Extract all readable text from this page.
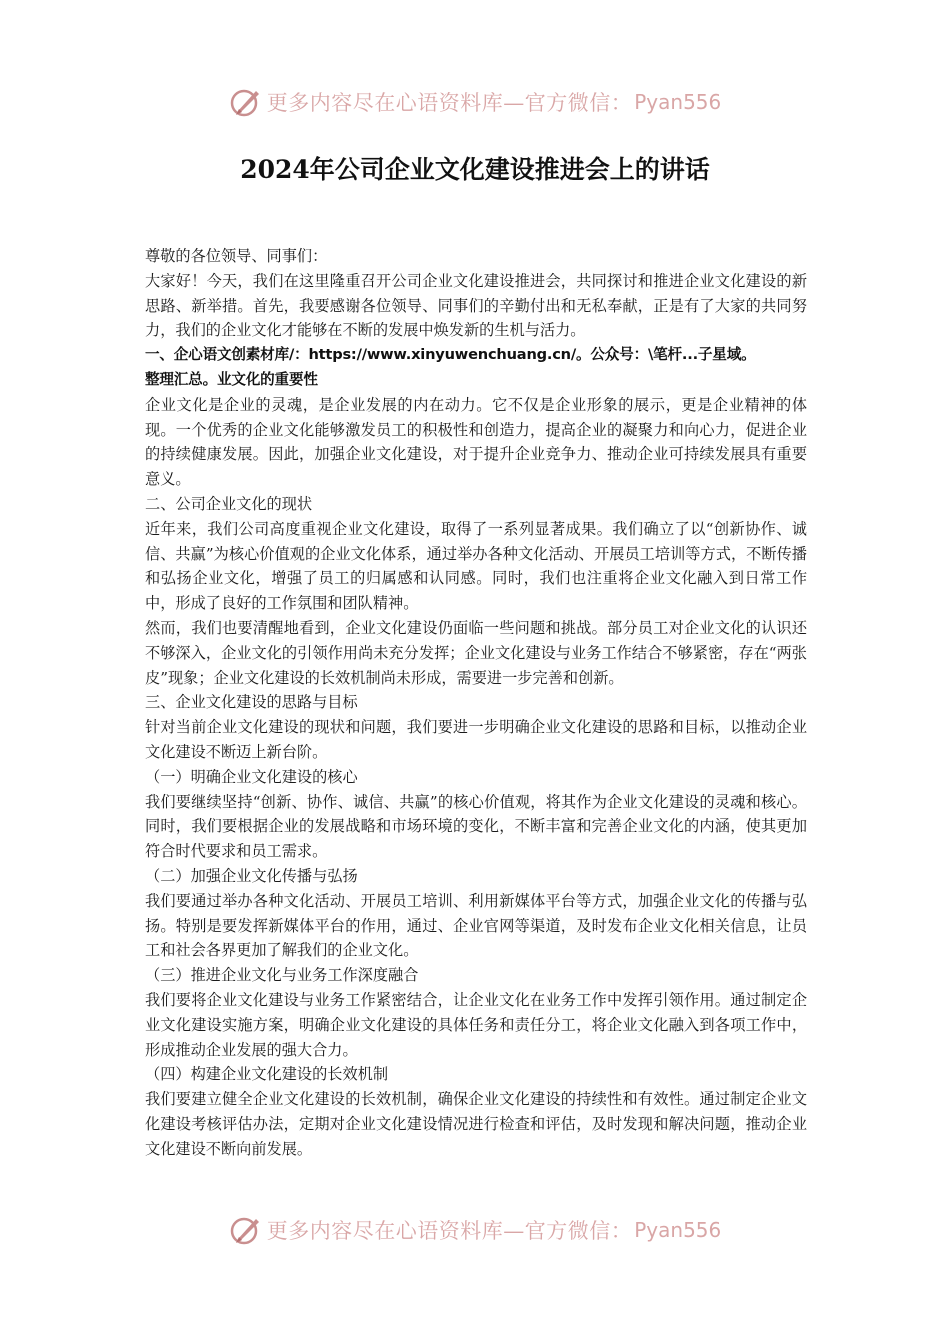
更多内容尽在心语资料库—官方微信： Pyan556
2024年公司企业文化建设推进会上的讲话

尊敬的各位领导、同事们：

大家好！今天，我们在这里隆重召开公司企业文化建设推进会，共同探讨和推进企业文化建设的新思路、新举措。首先，我要感谢各位领导、同事们的辛勤付出和无私奉献，正是有了大家的共同努力，我们的企业文化才能够在不断的发展中焕发新的生机与活力。

一、企心语文创素材库/：https://www.xinyuwenchuang.cn/。公众号：\笔杆...子星域。

整理汇总。业文化的重要性

企业文化是企业的灵魂，是企业发展的内在动力。它不仅是企业形象的展示，更是企业精神的体现。一个优秀的企业文化能够激发员工的积极性和创造力，提高企业的凝聚力和向心力，促进企业的持续健康发展。因此，加强企业文化建设，对于提升企业竞争力、推动企业可持续发展具有重要意义。

二、公司企业文化的现状

近年来，我们公司高度重视企业文化建设，取得了一系列显著成果。我们确立了以“创新协作、诚信、共赢”为核心价值观的企业文化体系，通过举办各种文化活动、开展员工培训等方式，不断传播和弘扬企业文化，增强了员工的归属感和认同感。同时，我们也注重将企业文化融入到日常工作中，形成了良好的工作氛围和团队精神。

然而，我们也要清醒地看到，企业文化建设仍面临一些问题和挑战。部分员工对企业文化的认识还不够深入，企业文化的引领作用尚未充分发挥；企业文化建设与业务工作结合不够紧密，存在“两张皮”现象；企业文化建设的长效机制尚未形成，需要进一步完善和创新。

三、企业文化建设的思路与目标

针对当前企业文化建设的现状和问题，我们要进一步明确企业文化建设的思路和目标，以推动企业文化建设不断迈上新台阶。

（一）明确企业文化建设的核心

我们要继续坚持“创新、协作、诚信、共赢”的核心价值观，将其作为企业文化建设的灵魂和核心。同时，我们要根据企业的发展战略和市场环境的变化，不断丰富和完善企业文化的内涵，使其更加符合时代要求和员工需求。

（二）加强企业文化传播与弘扬

我们要通过举办各种文化活动、开展员工培训、利用新媒体平台等方式，加强企业文化的传播与弘扬。特别是要发挥新媒体平台的作用，通过、企业官网等渠道，及时发布企业文化相关信息，让员工和社会各界更加了解我们的企业文化。

（三）推进企业文化与业务工作深度融合

我们要将企业文化建设与业务工作紧密结合，让企业文化在业务工作中发挥引领作用。通过制定企业文化建设实施方案，明确企业文化建设的具体任务和责任分工，将企业文化融入到各项工作中，形成推动企业发展的强大合力。

（四）构建企业文化建设的长效机制

我们要建立健全企业文化建设的长效机制，确保企业文化建设的持续性和有效性。通过制定企业文化建设考核评估办法，定期对企业文化建设情况进行检查和评估，及时发现和解决问题，推动企业文化建设不断向前发展。

更多内容尽在心语资料库—官方微信： Pyan556
